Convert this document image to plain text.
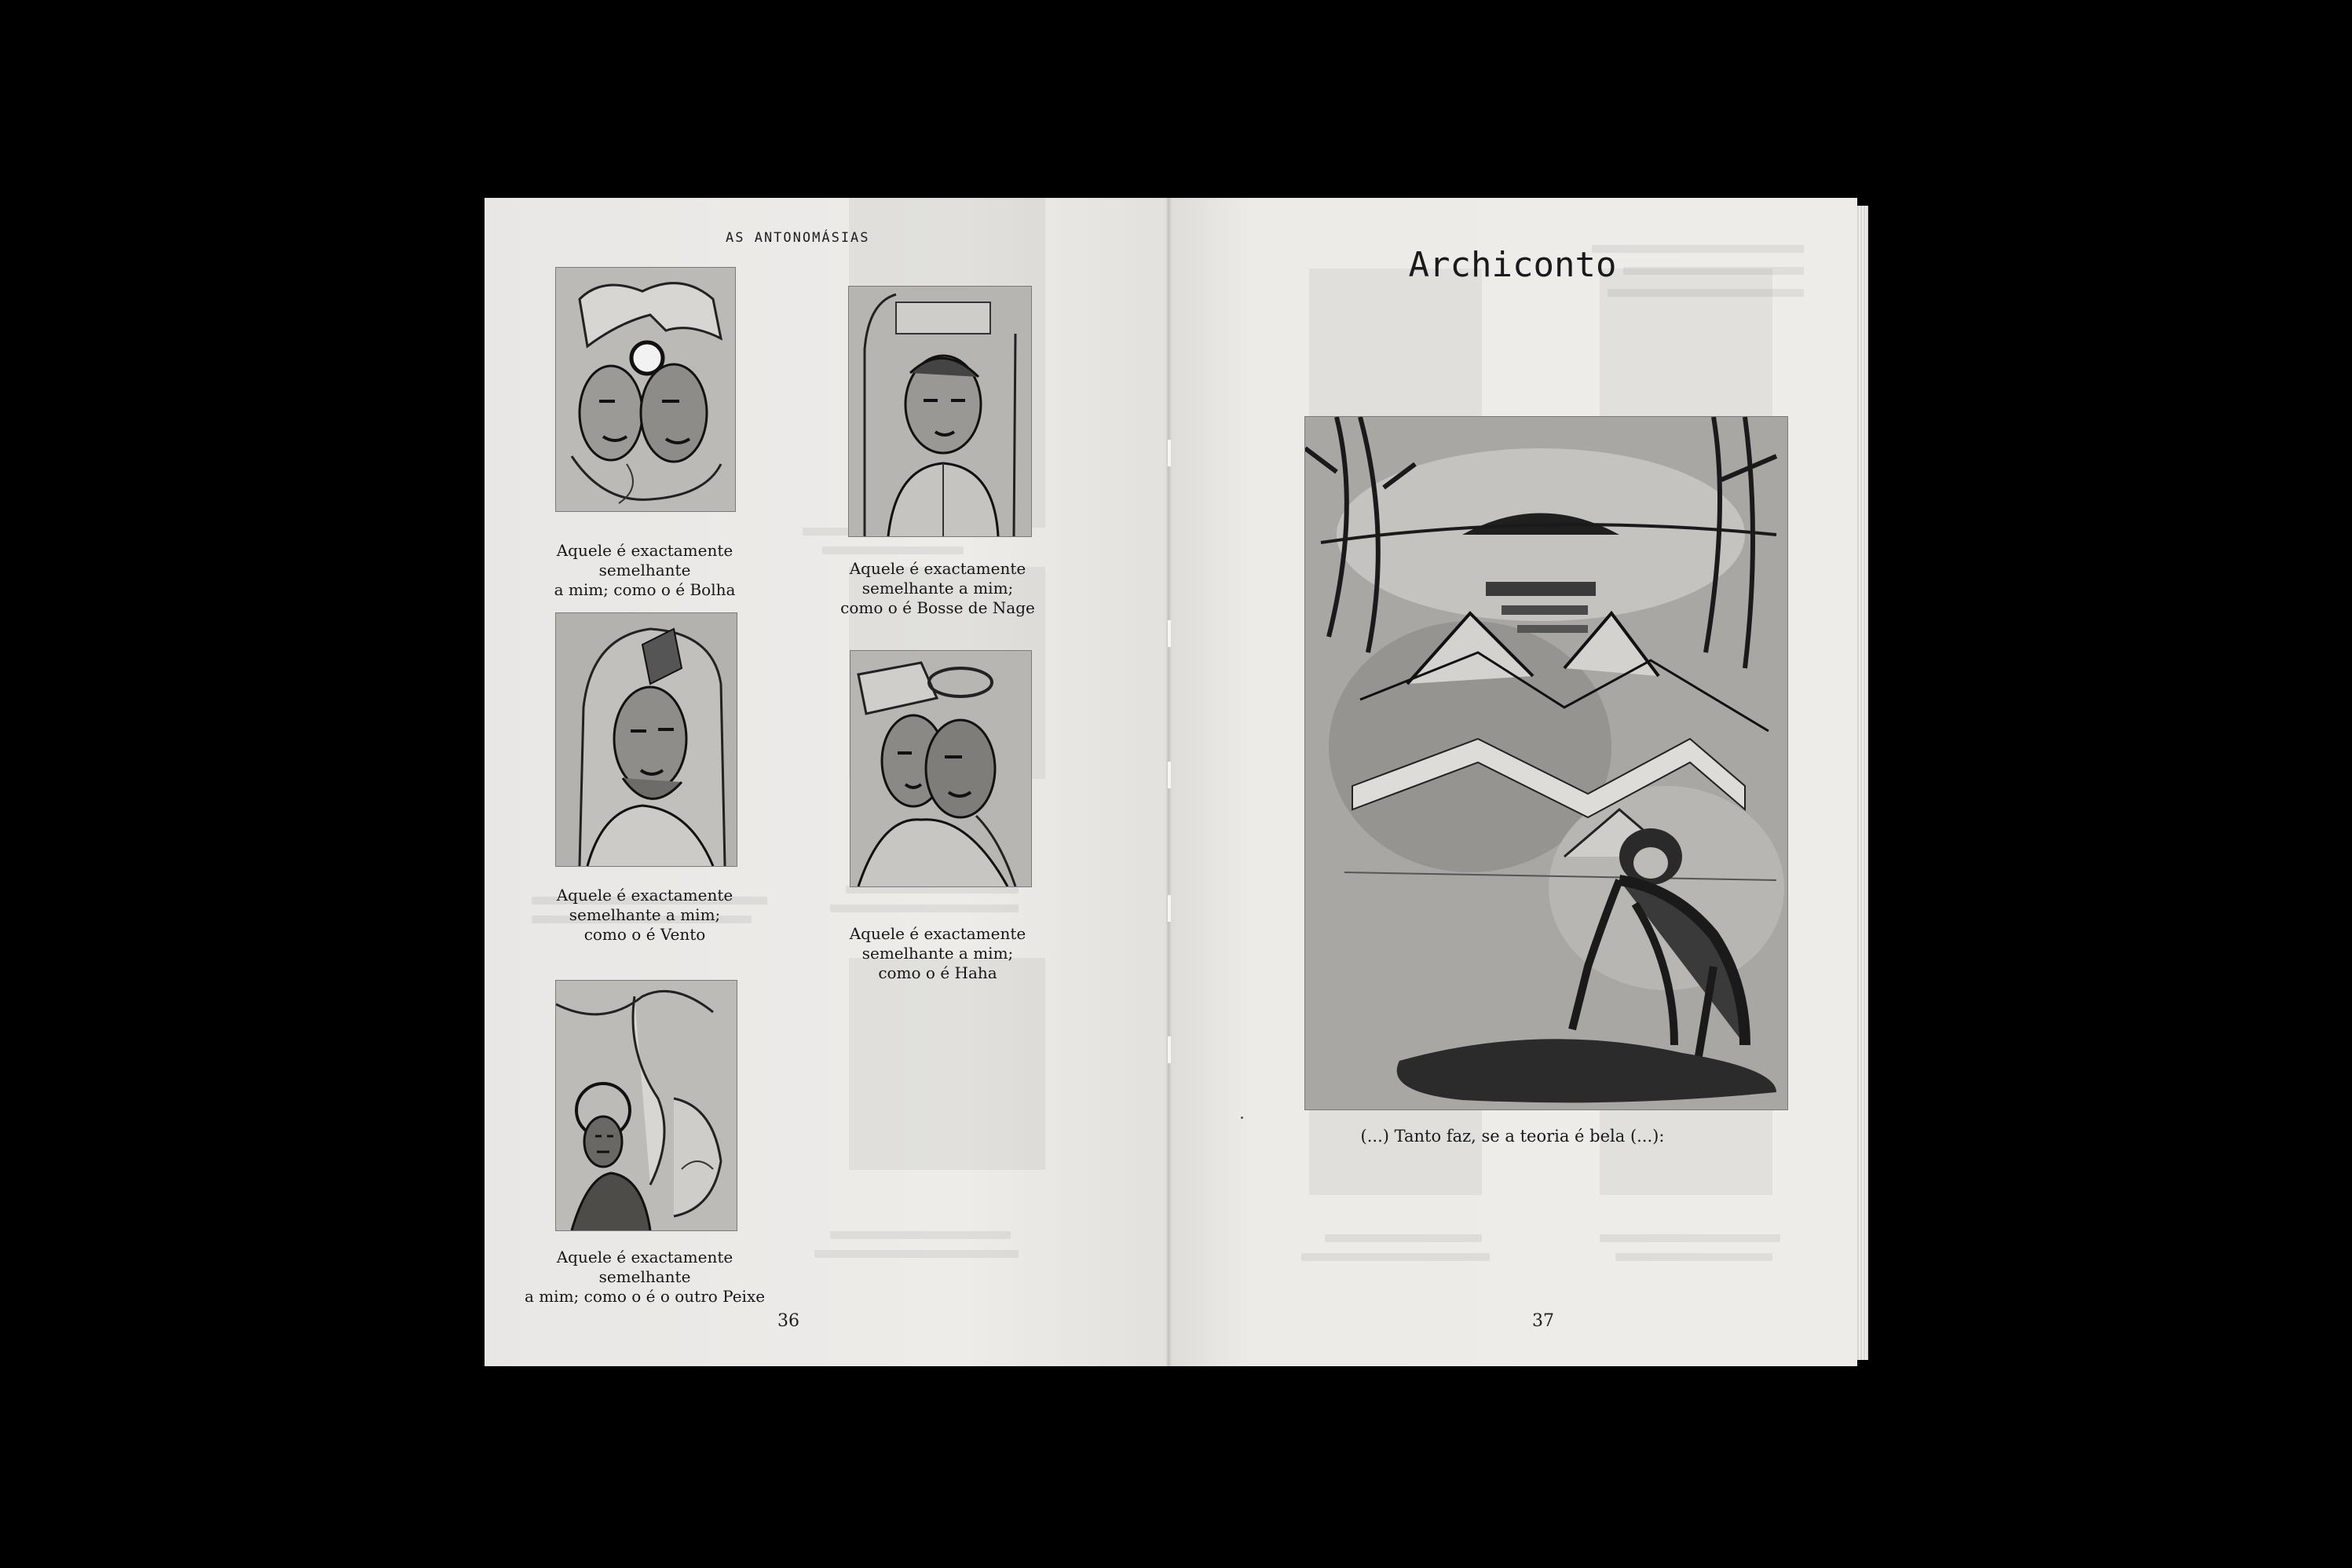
AS ANTONOMÁSIAS
Aquele é exactamente semelhante
a mim; como o é Bolha
Aquele é exactamente
semelhante a mim;
como o é Bosse de Nage
Aquele é exactamente
semelhante a mim;
como o é Vento	Aquele é exactamente
semelhante a mim;
como o é Haha
Aquele é exactamente semelhante
a mim; como o é o outro Peixe
36
Archiconto
(...) Tanto faz, se a teoria é bela (...):
37
